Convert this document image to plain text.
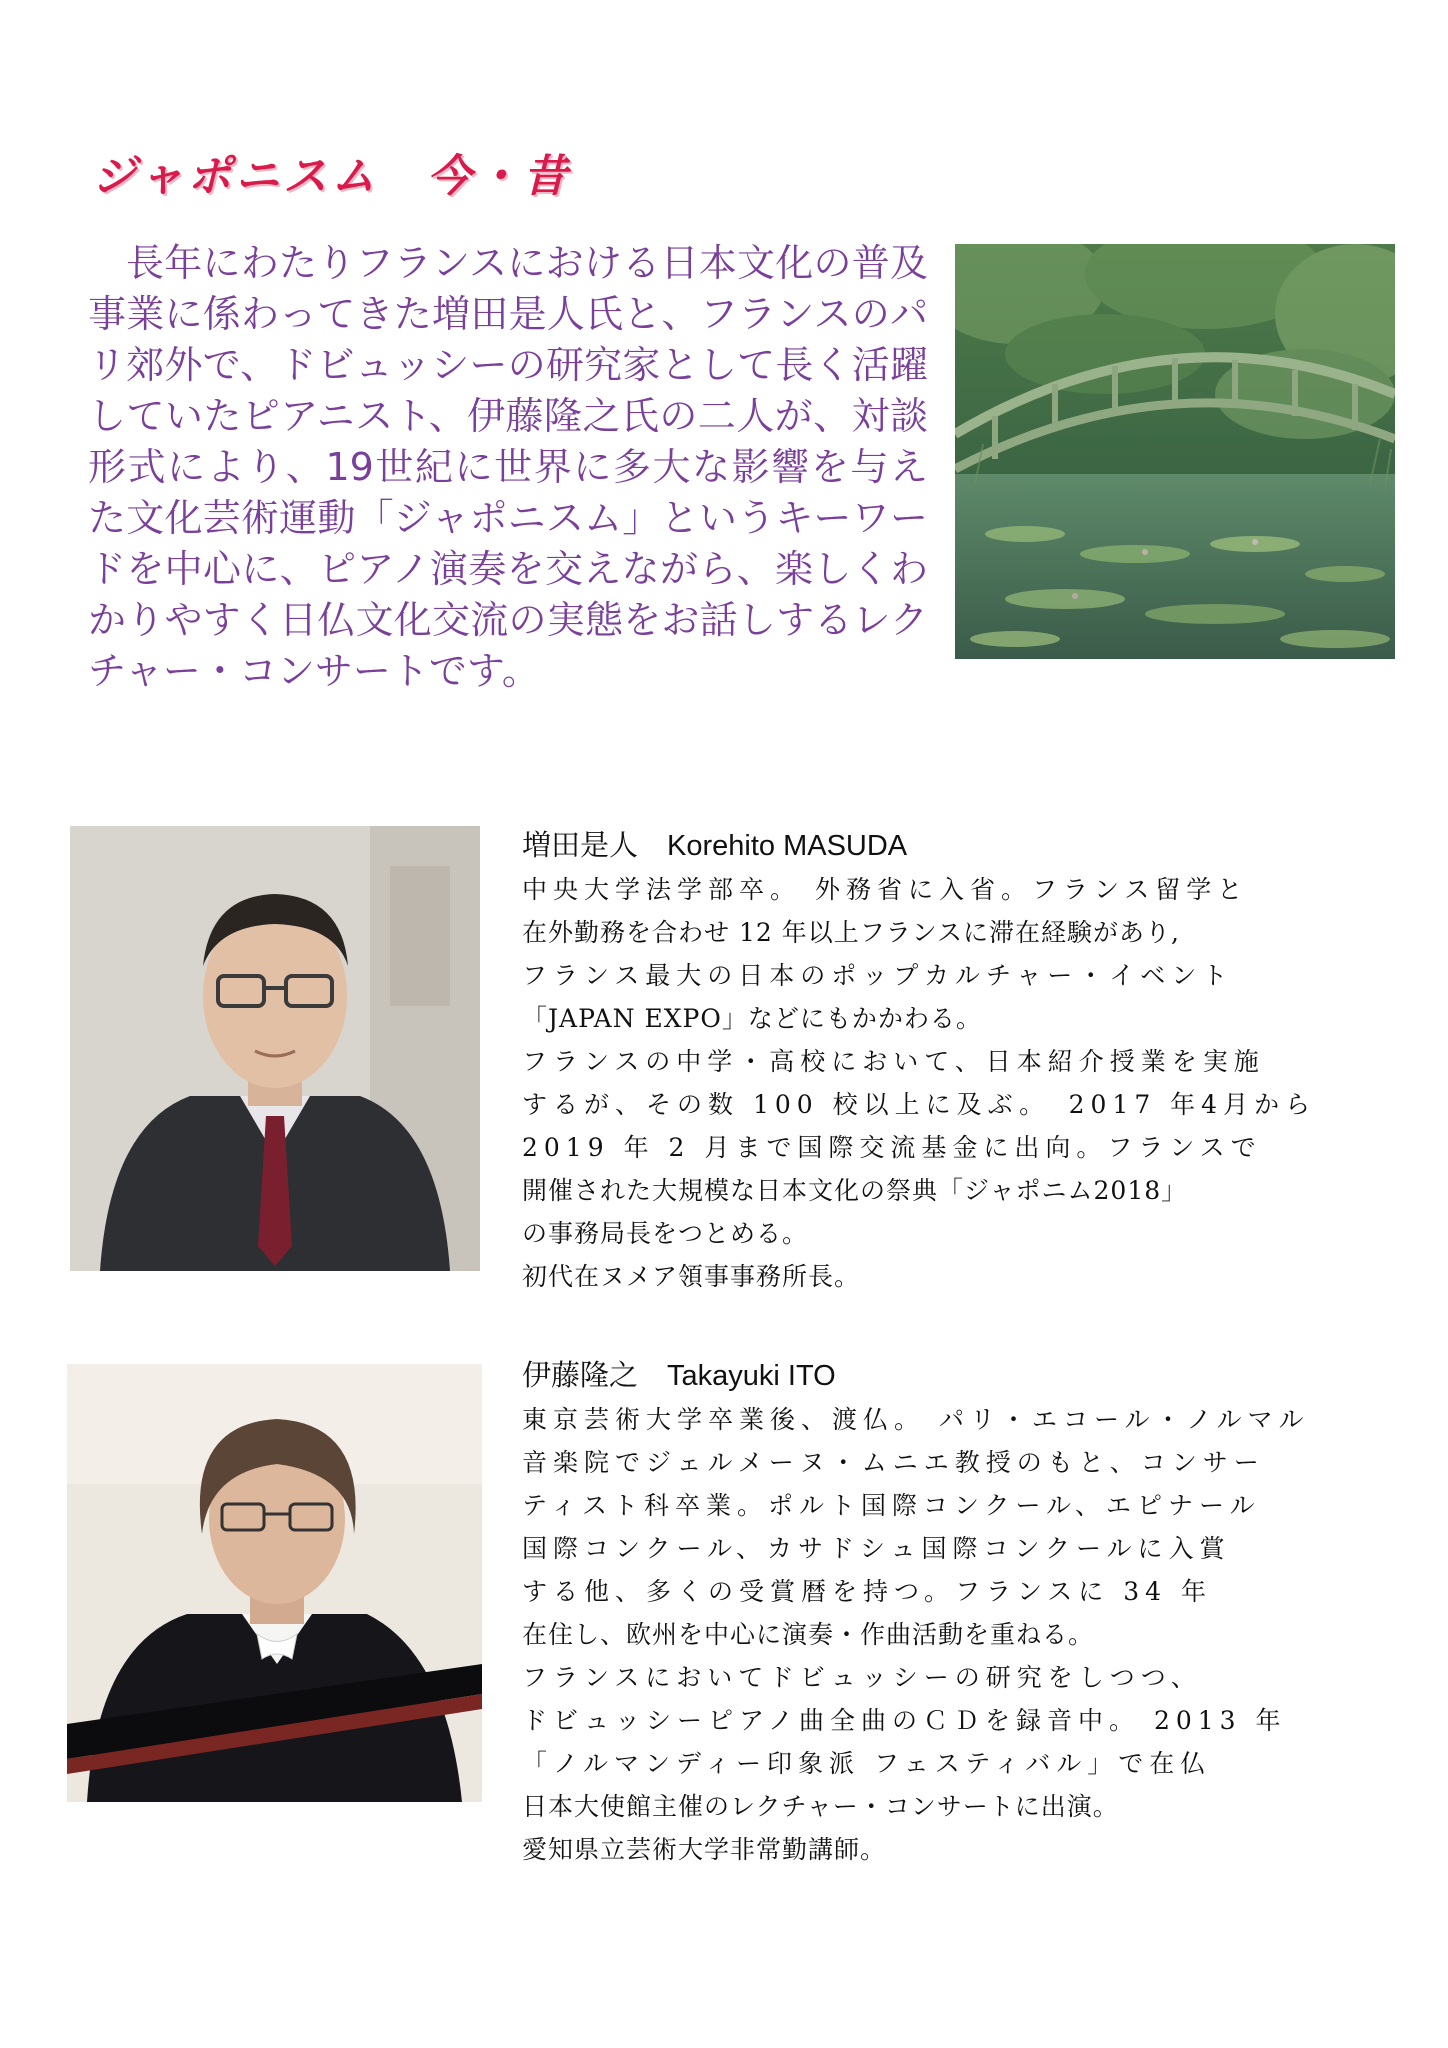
ジャポニスム　今・昔

長年にわたりフランスにおける日本文化の普及事業に係わってきた増田是人氏と、フランスのパリ郊外で、ドビュッシーの研究家として長く活躍していたピアニスト、伊藤隆之氏の二人が、対談形式により、19世紀に世界に多大な影響を与えた文化芸術運動「ジャポニスム」というキーワードを中心に、ピアノ演奏を交えながら、楽しくわかりやすく日仏文化交流の実態をお話しするレクチャー・コンサートです。

増田是人　Korehito MASUDA

中央大学法学部卒。 外務省に入省。フランス留学と
在外勤務を合わせ 12 年以上フランスに滞在経験があり,
フランス最大の日本のポップカルチャー・イベント
「JAPAN EXPO」などにもかかわる。
フランスの中学・高校において、日本紹介授業を実施
するが、その数 100 校以上に及ぶ。　2017 年4月から
2019 年 2 月まで国際交流基金に出向。フランスで
開催された大規模な日本文化の祭典「ジャポニム2018」
の事務局長をつとめる。
初代在ヌメア領事事務所長。

伊藤隆之　Takayuki ITO

東京芸術大学卒業後、渡仏。 パリ・エコール・ノルマル
音楽院でジェルメーヌ・ムニエ教授のもと、コンサー
ティスト科卒業。ポルト国際コンクール、エピナール
国際コンクール、カサドシュ国際コンクールに入賞
する他、多くの受賞暦を持つ。フランスに 34 年
在住し、欧州を中心に演奏・作曲活動を重ねる。
フランスにおいてドビュッシーの研究をしつつ、
ドビュッシーピアノ曲全曲のＣＤを録音中。 2013 年
「ノルマンディー印象派 フェスティバル」で在仏
日本大使館主催のレクチャー・コンサートに出演。
愛知県立芸術大学非常勤講師。
